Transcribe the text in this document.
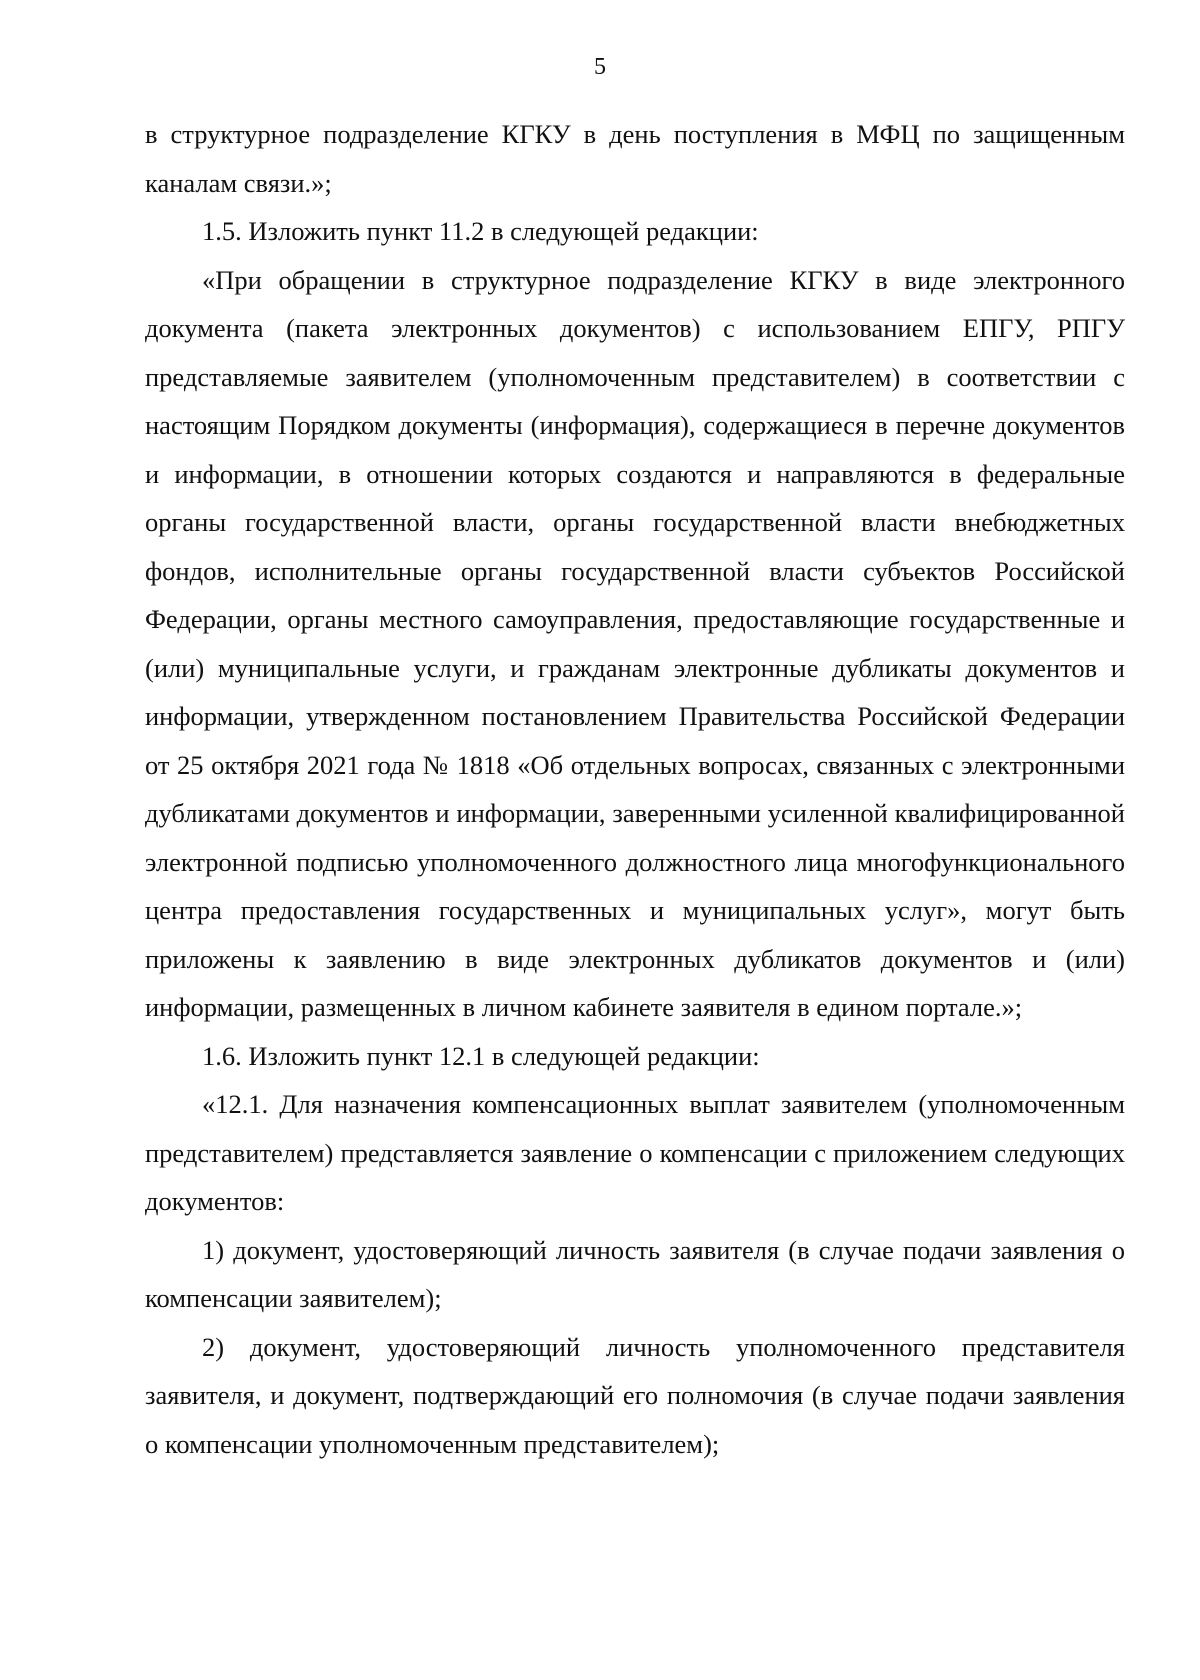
5

в структурное подразделение КГКУ в день поступления в МФЦ по защищенным каналам связи.»;

1.5. Изложить пункт 11.2 в следующей редакции:

«При обращении в структурное подразделение КГКУ в виде электронного документа (пакета электронных документов) с использованием ЕПГУ, РПГУ представляемые заявителем (уполномоченным представителем) в соответствии с настоящим Порядком документы (информация), содержащиеся в перечне документов и информации, в отношении которых создаются и направляются в федеральные органы государственной власти, органы государственной власти внебюджетных фондов, исполнительные органы государственной власти субъектов Российской Федерации, органы местного самоуправления, предоставляющие государственные и (или) муниципальные услуги, и гражданам электронные дубликаты документов и информации, утвержденном постановлением Правительства Российской Федерации от 25 октября 2021 года № 1818 «Об отдельных вопросах, связанных с электронными дубликатами документов и информации, заверенными усиленной квалифицированной электронной подписью уполномоченного должностного лица многофункционального центра предоставления государственных и муниципальных услуг», могут быть приложены к заявлению в виде электронных дубликатов документов и (или) информации, размещенных в личном кабинете заявителя в едином портале.»;

1.6. Изложить пункт 12.1 в следующей редакции:

«12.1. Для назначения компенсационных выплат заявителем (уполномоченным представителем) представляется заявление о компенсации с приложением следующих документов:

1) документ, удостоверяющий личность заявителя (в случае подачи заявления о компенсации заявителем);

2) документ, удостоверяющий личность уполномоченного представителя заявителя, и документ, подтверждающий его полномочия (в случае подачи заявления о компенсации уполномоченным представителем);
